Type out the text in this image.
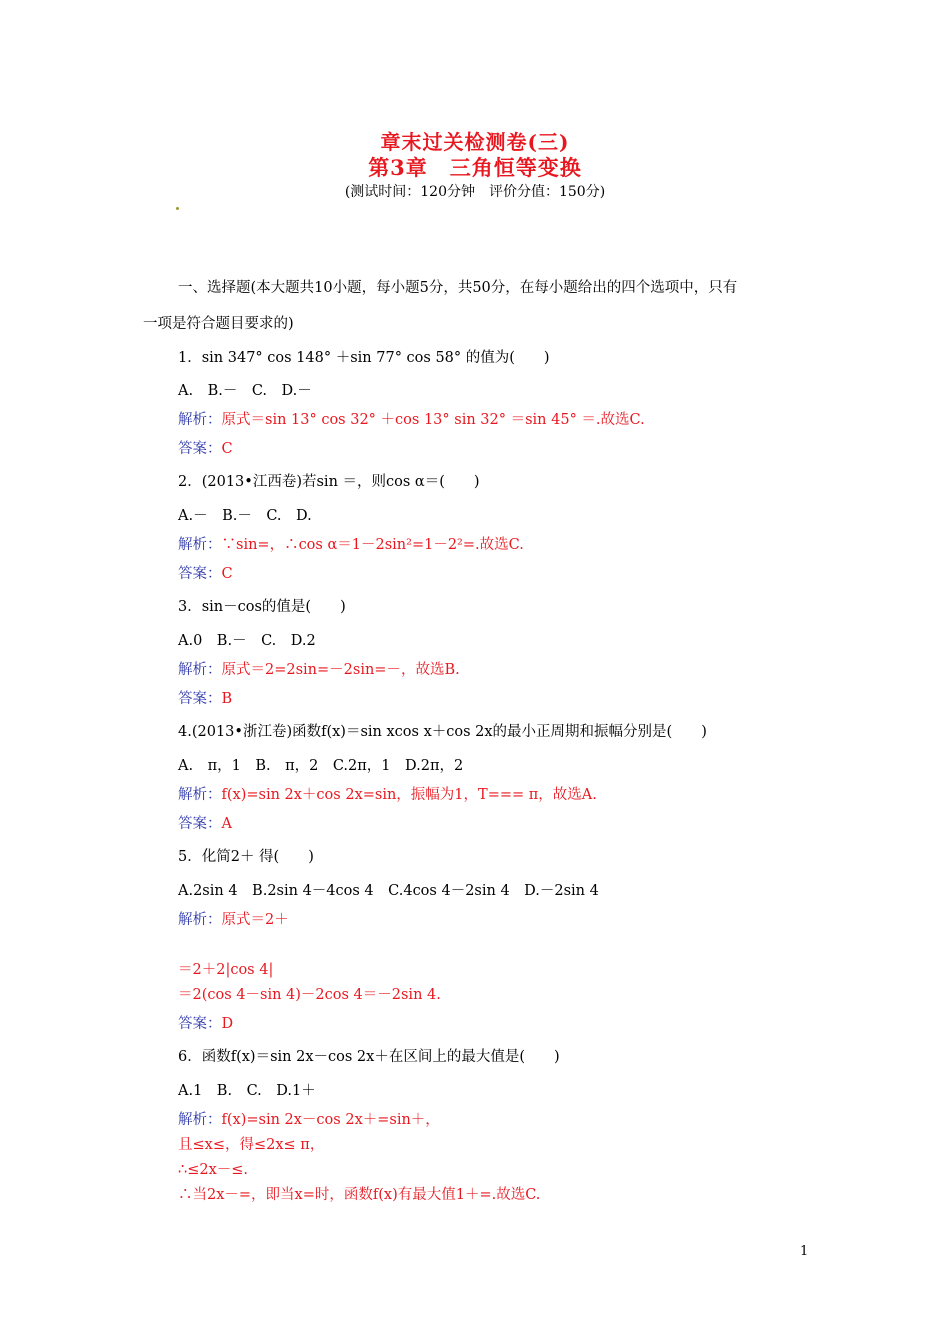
章末过关检测卷(三)
第3章　三角恒等变换
(测试时间：120分钟　评价分值：150分)
一、选择题(本大题共10小题，每小题5分，共50分，在每小题给出的四个选项中，只有
一项是符合题目要求的)
1．sin 347° cos 148° ＋sin 77° cos 58° 的值为(　　)
A.　B.－　C.　D.－
解析：原式＝sin 13° cos 32° ＋cos 13° sin 32° ＝sin 45° ＝.故选C.
答案：C
2．(2013•江西卷)若sin ＝，则cos α＝(　　)
A.－　B.－　C.　D.
解析：∵sin=，∴cos α＝1－2sin²=1－2²=.故选C.
答案：C
3．sin－cos的值是(　　)
A.0　B.－　C.　D.2
解析：原式＝2=2sin=－2sin=－，故选B.
答案：B
4.(2013•浙江卷)函数f(x)＝sin xcos x＋cos 2x的最小正周期和振幅分别是(　　)
A.　π，1　B.　π，2　C.2π，1　D.2π，2
解析：f(x)=sin 2x＋cos 2x=sin，振幅为1，T=== π，故选A.
答案：A
5．化简2＋ 得(　　)
A.2sin 4　B.2sin 4－4cos 4　C.4cos 4－2sin 4　D.－2sin 4
解析：原式＝2＋
＝2＋2|cos 4|
＝2(cos 4－sin 4)－2cos 4＝－2sin 4.
答案：D
6．函数f(x)＝sin 2x－cos 2x＋在区间上的最大值是(　　)
A.1　B.　C.　D.1＋
解析：f(x)=sin 2x－cos 2x＋=sin＋，
且≤x≤，得≤2x≤ π，
∴≤2x－≤.
∴当2x－=，即当x=时，函数f(x)有最大值1＋=.故选C.
1
